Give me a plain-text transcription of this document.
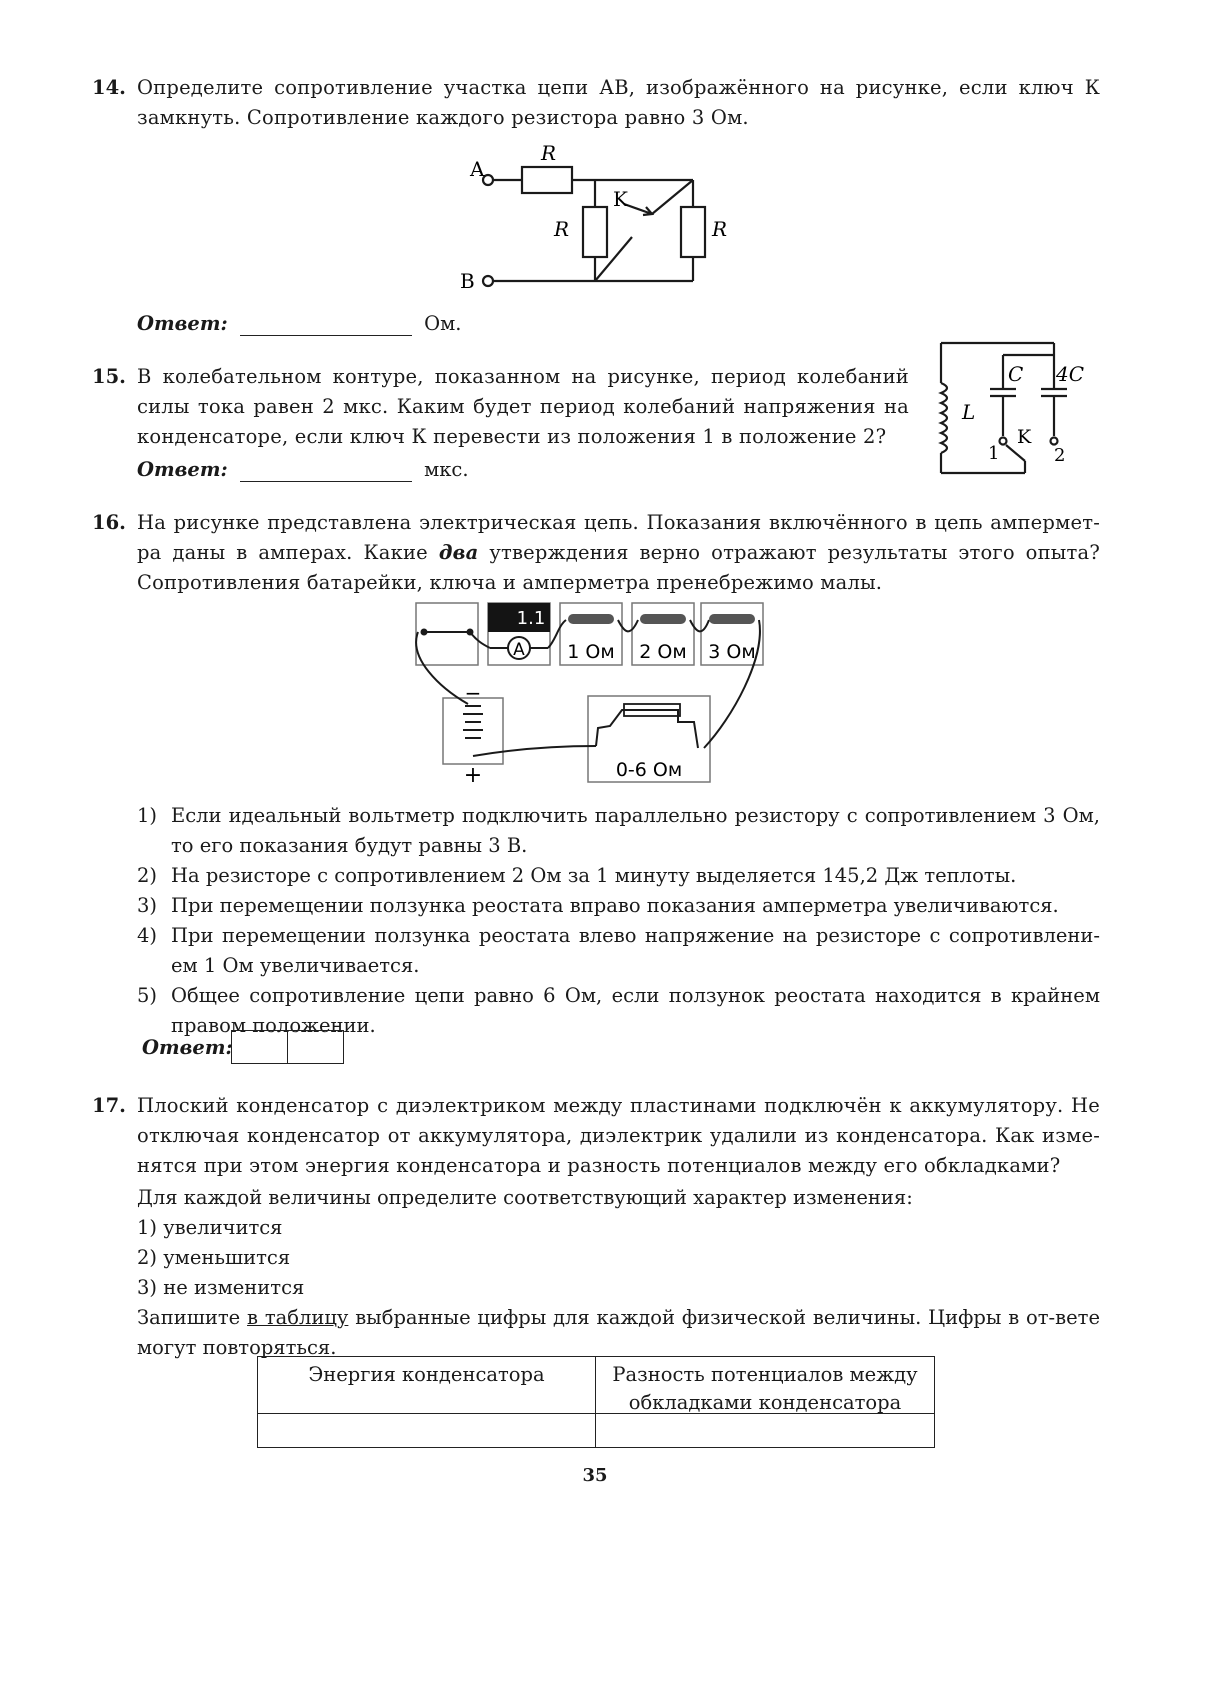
14. Определите сопротивление участка цепи АВ, изображённого на рисунке, если ключ К замкнуть. Сопротивление каждого резистора равно 3 Ом.
A
B
R
R	R
K
Ответ:	Ом.
15. В колебательном контуре, показанном на рисунке, период колебаний силы тока равен 2 мкс. Каким будет период колебаний напряжения на конденсаторе, если ключ К перевести из положения 1 в положение 2?
C 4C
L
K
1	2
Ответ:	мкс.
16. На рисунке представлена электрическая цепь. Показания включённого в цепь ампермет-ра даны в амперах. Какие два утверждения верно отражают результаты этого опыта? Сопротивления батарейки, ключа и амперметра пренебрежимо малы.
1.1
A 1 Ом 2 Ом 3 Ом
−
+	0-6 Ом
1) Если идеальный вольтметр подключить параллельно резистору с сопротивлением 3 Ом, то его показания будут равны 3 В.
2) На резисторе с сопротивлением 2 Ом за 1 минуту выделяется 145,2 Дж теплоты.
3) При перемещении ползунка реостата вправо показания амперметра увеличиваются.
4) При перемещении ползунка реостата влево напряжение на резисторе с сопротивлени-ем 1 Ом увеличивается.
5) Общее сопротивление цепи равно 6 Ом, если ползунок реостата находится в крайнем правом положении.
Ответ:
17. Плоский конденсатор с диэлектриком между пластинами подключён к аккумулятору. Не отключая конденсатор от аккумулятора, диэлектрик удалили из конденсатора. Как изме-нятся при этом энергия конденсатора и разность потенциалов между его обкладками?
Для каждой величины определите соответствующий характер изменения:
1) увеличится
2) уменьшится
3) не изменится
Запишите в таблицу выбранные цифры для каждой физической величины. Цифры в от-вете могут повторяться.
Энергия конденсатора	Разность потенциалов между обкладками конденсатора
35
